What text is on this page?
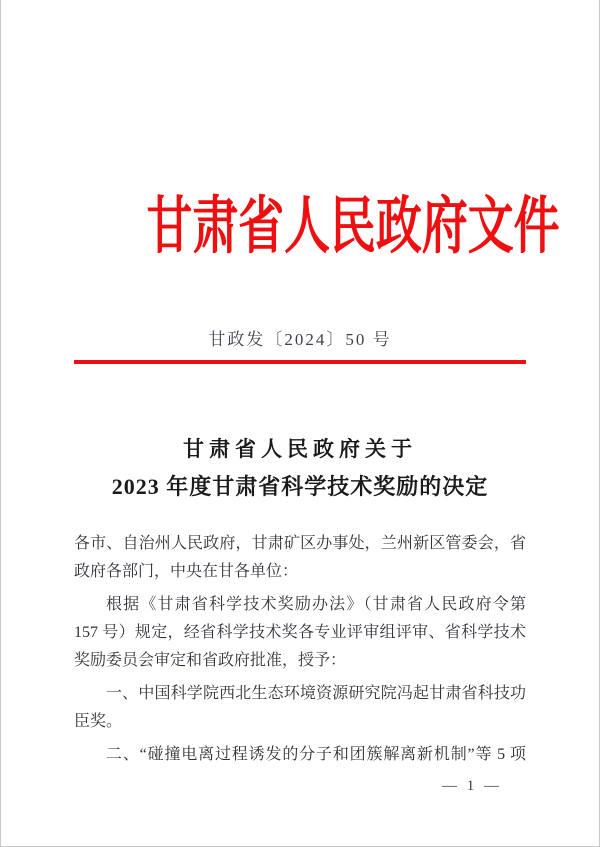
甘肃省人民政府文件
甘政发〔2024〕50 号
甘肃省人民政府关于
2023 年度甘肃省科学技术奖励的决定
各市、自治州人民政府，甘肃矿区办事处，兰州新区管委会，省
政府各部门，中央在甘各单位：
根据《甘肃省科学技术奖励办法》（甘肃省人民政府令第
157 号）规定，经省科学技术奖各专业评审组评审、省科学技术
奖励委员会审定和省政府批准，授予：
一、中国科学院西北生态环境资源研究院冯起甘肃省科技功
臣奖。
二、“碰撞电离过程诱发的分子和团簇解离新机制”等 5 项
— 1 —
